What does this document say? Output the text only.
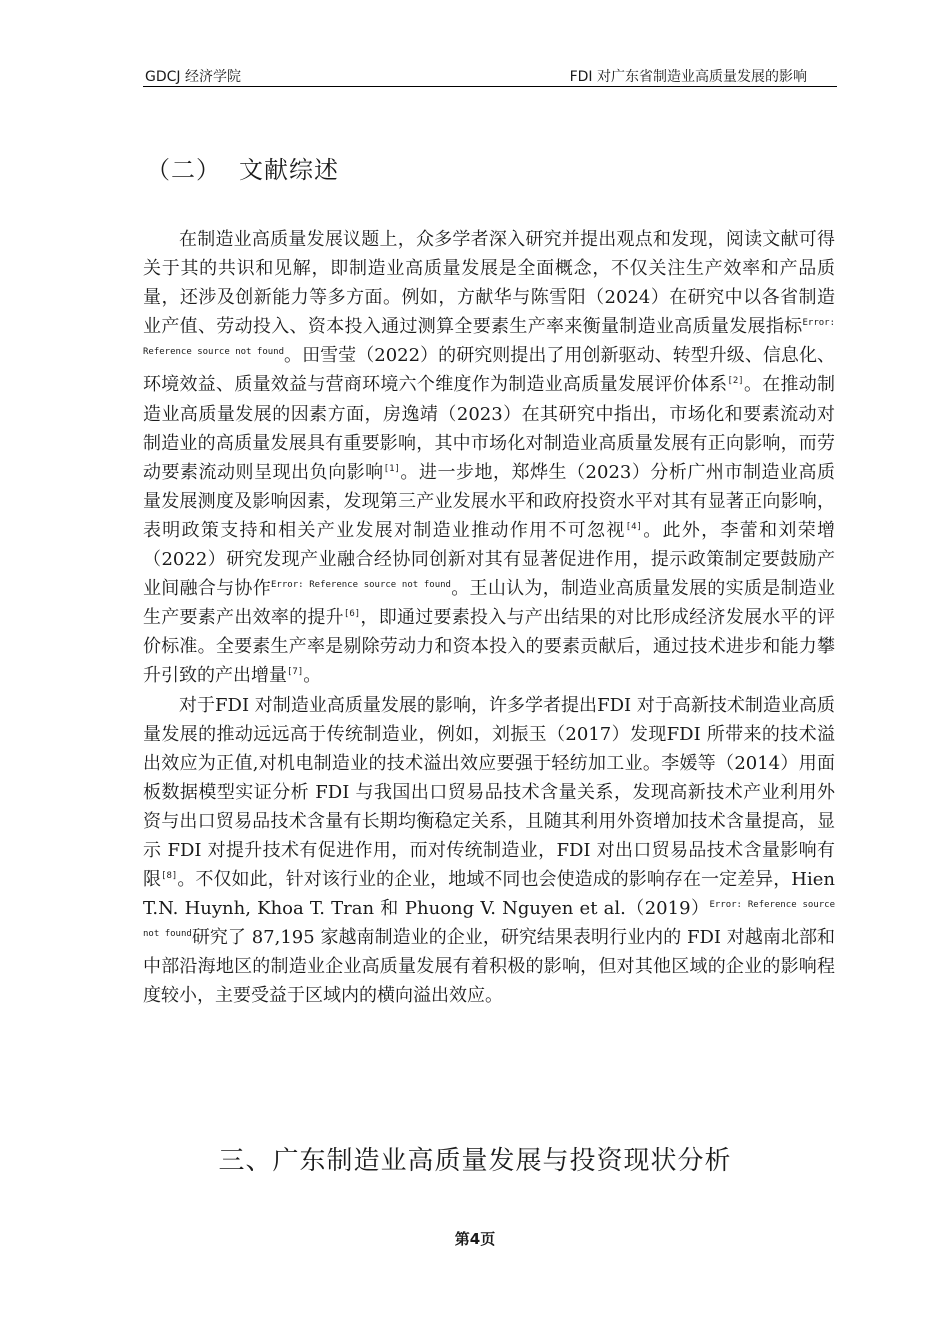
GDCJ 经济学院	FDI 对广东省制造业高质量发展的影响
（二） 文献综述

在制造业高质量发展议题上，众多学者深入研究并提出观点和发现，阅读文献可得关于其的共识和见解，即制造业高质量发展是全面概念，不仅关注生产效率和产品质量，还涉及创新能力等多方面。例如，方献华与陈雪阳（2024）在研究中以各省制造业产值、劳动投入、资本投入通过测算全要素生产率来衡量制造业高质量发展指标$^{Error: Reference source not found}$。田雪莹（2022）的研究则提出了用创新驱动、转型升级、信息化、环境效益、质量效益与营商环境六个维度作为制造业高质量发展评价体系[2]。在推动制造业高质量发展的因素方面，房逸靖（2023）在其研究中指出，市场化和要素流动对制造业的高质量发展具有重要影响，其中市场化对制造业高质量发展有正向影响，而劳动要素流动则呈现出负向影响[1]。进一步地，郑烨生（2023）分析广州市制造业高质量发展测度及影响因素，发现第三产业发展水平和政府投资水平对其有显著正向影响，表明政策支持和相关产业发展对制造业推动作用不可忽视[4]。此外，李蕾和刘荣增（2022）研究发现产业融合经协同创新对其有显著促进作用，提示政策制定要鼓励产业间融合与协作$^{Error: Reference source not found}$。王山认为，制造业高质量发展的实质是制造业生产要素产出效率的提升[6]，即通过要素投入与产出结果的对比形成经济发展水平的评价标准。全要素生产率是剔除劳动力和资本投入的要素贡献后，通过技术进步和能力攀升引致的产出增量[7]。

对于FDI 对制造业高质量发展的影响，许多学者提出FDI 对于高新技术制造业高质量发展的推动远远高于传统制造业，例如，刘振玉（2017）发现FDI 所带来的技术溢出效应为正值,对机电制造业的技术溢出效应要强于轻纺加工业。李媛等（2014）用面板数据模型实证分析 FDI 与我国出口贸易品技术含量关系，发现高新技术产业利用外资与出口贸易品技术含量有长期均衡稳定关系，且随其利用外资增加技术含量提高，显示 FDI 对提升技术有促进作用，而对传统制造业，FDI 对出口贸易品技术含量影响有限[8]。不仅如此，针对该行业的企业，地域不同也会使造成的影响存在一定差异，Hien T.N. Huynh, Khoa T. Tran 和 Phuong V. Nguyen et al.（2019）$^{Error: Reference source not found}$研究了 87,195 家越南制造业的企业，研究结果表明行业内的 FDI 对越南北部和中部沿海地区的制造业企业高质量发展有着积极的影响，但对其他区域的企业的影响程度较小，主要受益于区域内的横向溢出效应。

三、广东制造业高质量发展与投资现状分析
第4页
